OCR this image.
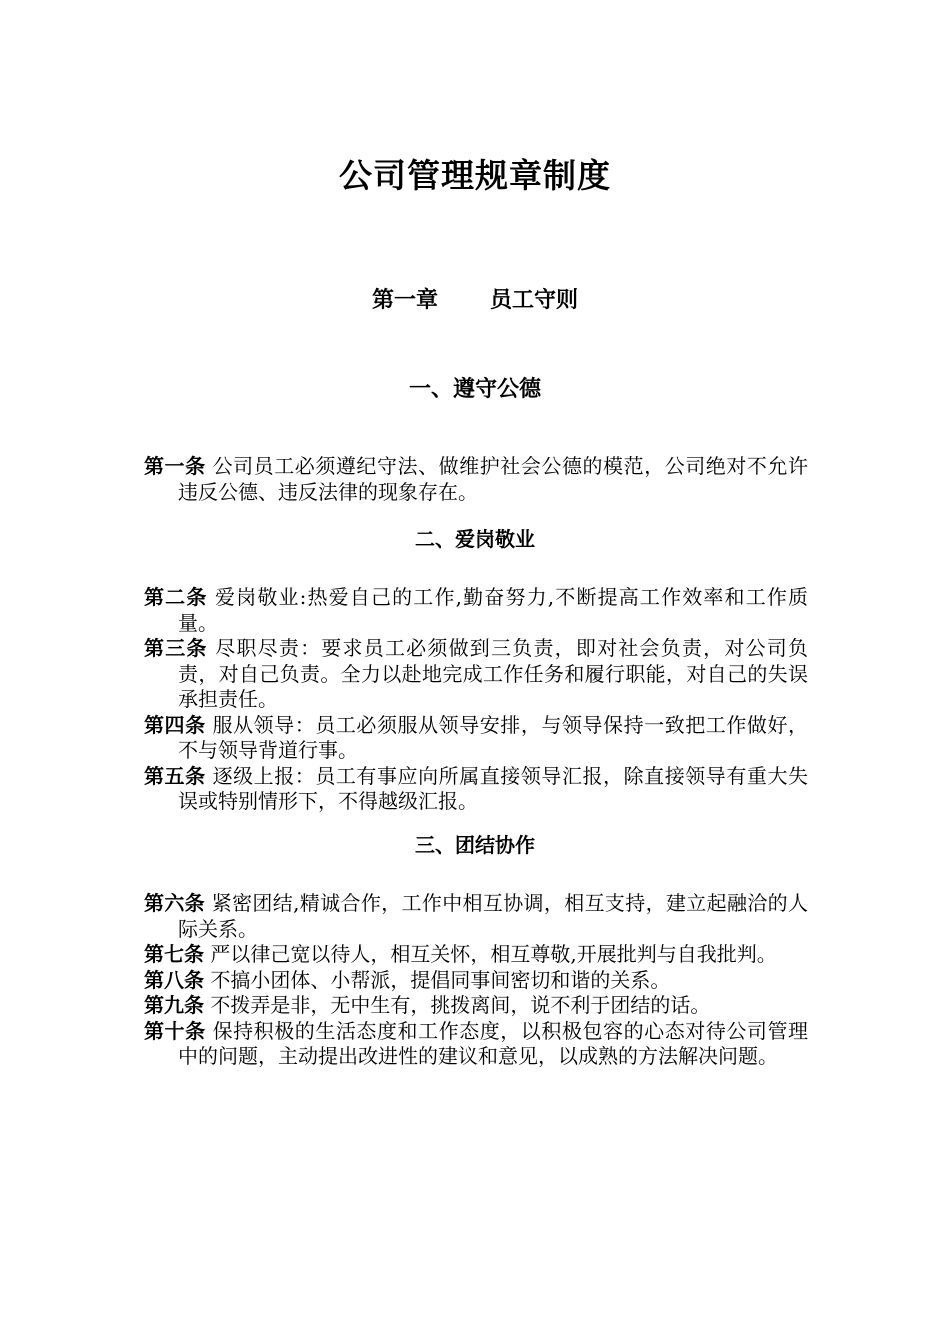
公司管理规章制度
第一章 员工守则
一、遵守公德
第一条 公司员工必须遵纪守法、做维护社会公德的模范，公司绝对不允许违反公德、违反法律的现象存在。
二、爱岗敬业
第二条 爱岗敬业:热爱自己的工作,勤奋努力,不断提高工作效率和工作质量。
第三条 尽职尽责：要求员工必须做到三负责，即对社会负责，对公司负责，对自己负责。全力以赴地完成工作任务和履行职能，对自己的失误承担责任。
第四条 服从领导：员工必须服从领导安排，与领导保持一致把工作做好，不与领导背道行事。
第五条 逐级上报：员工有事应向所属直接领导汇报，除直接领导有重大失误或特别情形下，不得越级汇报。
三、团结协作
第六条 紧密团结,精诚合作，工作中相互协调，相互支持，建立起融洽的人际关系。
第七条 严以律己宽以待人，相互关怀，相互尊敬,开展批判与自我批判。
第八条 不搞小团体、小帮派，提倡同事间密切和谐的关系。
第九条 不拨弄是非，无中生有，挑拨离间，说不利于团结的话。
第十条 保持积极的生活态度和工作态度，以积极包容的心态对待公司管理中的问题，主动提出改进性的建议和意见，以成熟的方法解决问题。
